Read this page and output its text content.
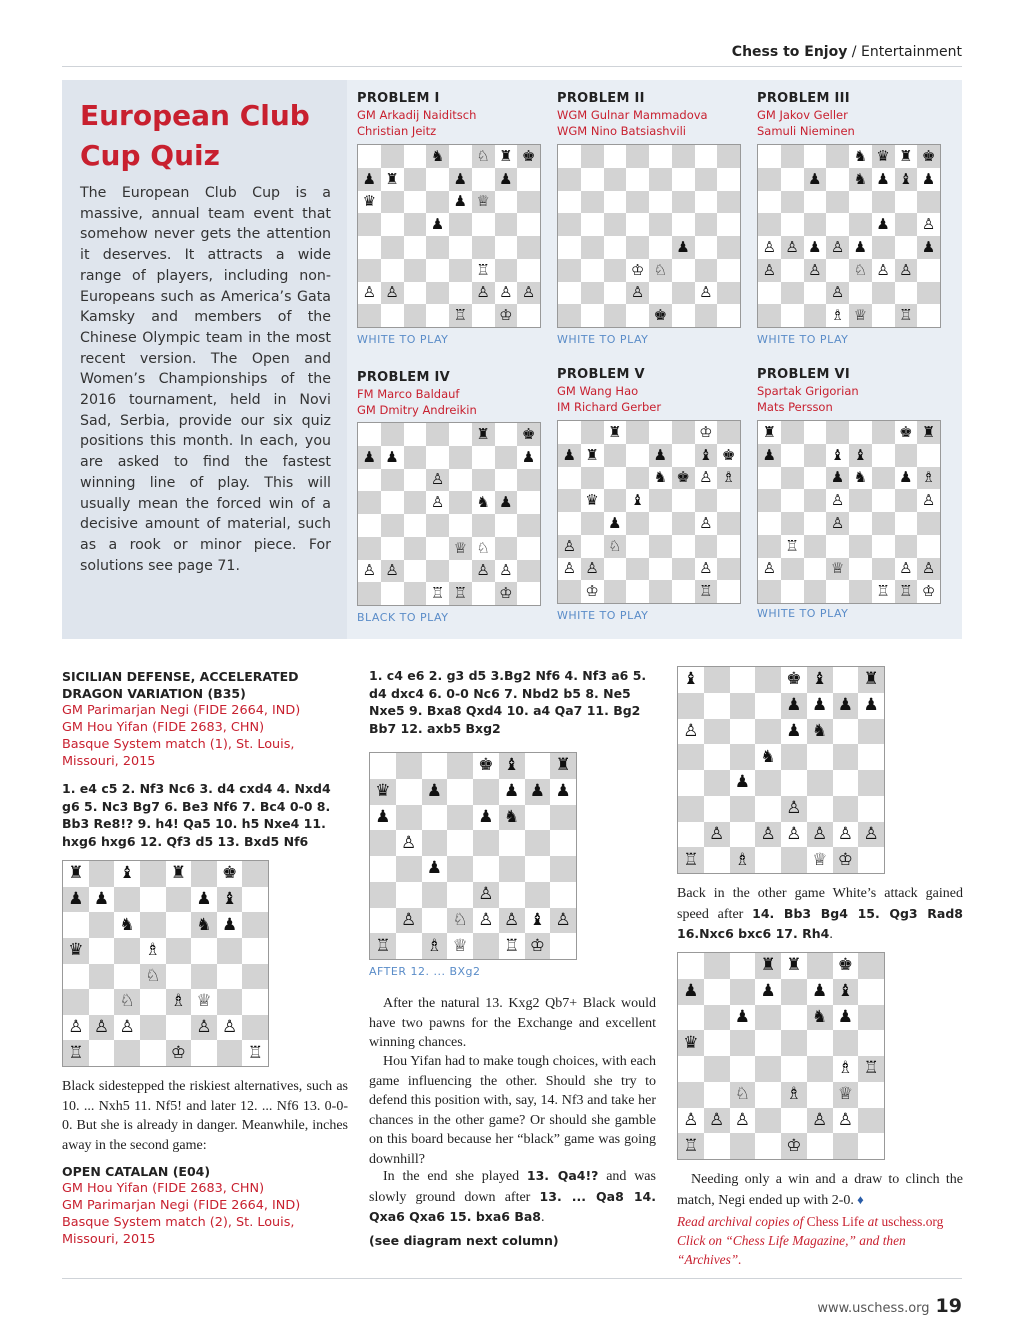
Chess to Enjoy / Entertainment
European Club
Cup Quiz
The European Club Cup is a massive, annual team event that somehow never gets the attention it deserves. It attracts a wide range of players, including non-Europeans such as America’s Gata Kamsky and members of the Chinese Olympic team in the most recent version. The Open and Women’s Championships of the 2016 tournament, held in Novi Sad, Serbia, provide our six quiz positions this month. In each, you are asked to find the fastest winning line of play. This will usually mean the forced win of a decisive amount of material, such as a rook or minor piece. For solutions see page 71.
PROBLEM I
GM Arkadij Naiditsch
Christian Jeitz
♞ ♘ ♜ ♚
♟ ♜	♟ ♟
♛	♟ ♕
♟
♖
♙ ♙	♙ ♙ ♙
♖ ♔
WHITE TO PLAY
PROBLEM II
WGM Gulnar Mammadova
WGM Nino Batsiashvili
♟
♔ ♘
♙	♙
♚
WHITE TO PLAY
PROBLEM III
GM Jakov Geller
Samuli Nieminen
♞ ♛ ♜ ♚
♟ ♞ ♟ ♝ ♟
♟ ♙
♙ ♙ ♟ ♙ ♟	♟
♙ ♙ ♘ ♙ ♙
♙
♗ ♕ ♖
WHITE TO PLAY
PROBLEM IV
FM Marco Baldauf
GM Dmitry Andreikin
♜ ♚
♟ ♟	♟
♙
♙ ♞ ♟
♕ ♘
♙ ♙	♙ ♙
♖ ♖ ♔
BLACK TO PLAY
PROBLEM V
GM Wang Hao
IM Richard Gerber
♜	♔
♟ ♜	♟ ♝ ♚
♞ ♚ ♙ ♗
♛ ♝
♟	♙
♙ ♘
♙ ♙	♙
♔	♖
WHITE TO PLAY
PROBLEM VI
Spartak Grigorian
Mats Persson
♜	♚ ♜
♟	♝ ♝
♟ ♞ ♟ ♗
♙	♙
♙
♖
♙	♕	♙ ♙
♖ ♖ ♔
WHITE TO PLAY
SICILIAN DEFENSE, ACCELERATED DRAGON VARIATION (B35)
GM Parimarjan Negi (FIDE 2664, IND)
GM Hou Yifan (FIDE 2683, CHN)
Basque System match (1), St. Louis, Missouri, 2015
1. e4 c5 2. Nf3 Nc6 3. d4 cxd4 4. Nxd4 g6 5. Nc3 Bg7 6. Be3 Nf6 7. Bc4 0-0 8. Bb3 Re8!? 9. h4! Qa5 10. h5 Nxe4 11. hxg6 hxg6 12. Qf3 d5 13. Bxd5 Nf6
♜ ♝ ♜ ♚
♟ ♟	♟ ♝
♞	♞ ♟
♛	♗
♘
♘ ♗ ♕
♙ ♙ ♙	♙ ♙
♖	♔	♖
Black sidestepped the riskiest alternatives, such as 10. ... Nxh5 11. Nf5! and later 12. ... Nf6 13. 0-0-0. But she is already in danger. Meanwhile, inches away in the second game:
OPEN CATALAN (E04)
GM Hou Yifan (FIDE 2683, CHN)
GM Parimarjan Negi (FIDE 2664, IND)
Basque System match (2), St. Louis, Missouri, 2015
1. c4 e6 2. g3 d5 3.Bg2 Nf6 4. Nf3 a6 5. d4 dxc4 6. 0-0 Nc6 7. Nbd2 b5 8. Ne5 Nxe5 9. Bxa8 Qxd4 10. a4 Qa7 11. Bg2 Bb7 12. axb5 Bxg2
♚ ♝ ♜
♛ ♟	♟ ♟ ♟
♟	♟ ♞
♙
♟
♙
♙ ♘ ♙ ♙ ♝ ♙
♖ ♗ ♕ ♖ ♔
AFTER 12. ... BXg2
After the natural 13. Kxg2 Qb7+ Black would have two pawns for the Exchange and excellent winning chances.
Hou Yifan had to make tough choices, with each game influencing the other. Should she try to defend this position with, say, 14. Nf3 and take her chances in the other game? Or should she gamble on this board because her “black” game was going downhill?
In the end she played 13. Qa4!? and was slowly ground down after 13. ... Qa8 14. Qxa6 Qxa6 15. bxa6 Ba8.
(see diagram next column)
♝	♚ ♝ ♜
♟ ♟ ♟ ♟
♙	♟ ♞
♞
♟
♙
♙ ♙ ♙ ♙ ♙ ♙
♖ ♗	♕ ♔
Back in the other game White’s attack gained speed after 14. Bb3 Bg4 15. Qg3 Rad8 16.Nxc6 bxc6 17. Rh4.
♜ ♜ ♚
♟	♟ ♟ ♝
♟	♞ ♟
♛
♗ ♖
♘ ♗ ♕
♙ ♙ ♙	♙ ♙
♖	♔
Needing only a win and a draw to clinch the match, Negi ended up with 2-0. ♦
Read archival copies of Chess Life at uschess.org
Click on “Chess Life Magazine,” and then “Archives”.
www.uschess.org 19
